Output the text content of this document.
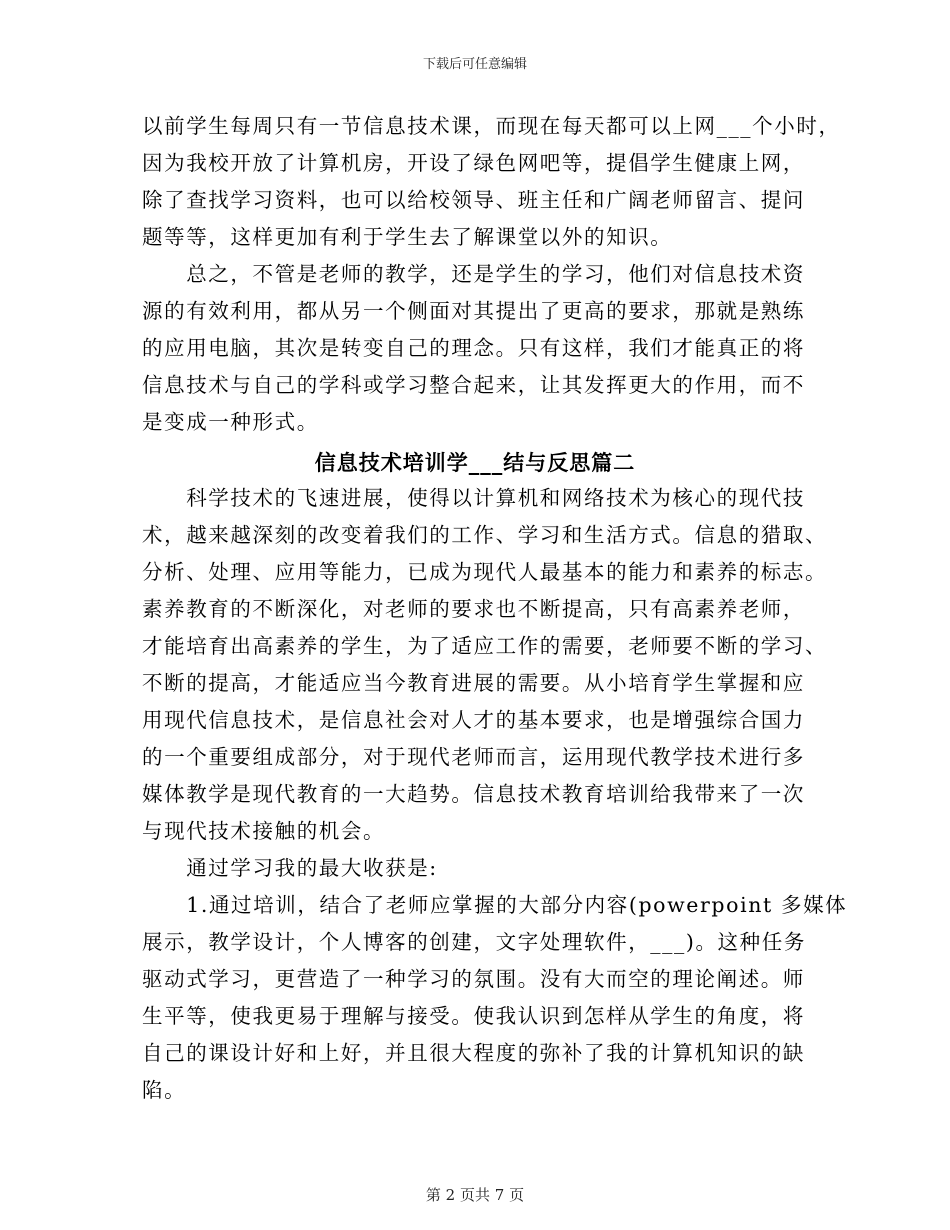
下载后可任意编辑
以前学生每周只有一节信息技术课，而现在每天都可以上网___个小时，
因为我校开放了计算机房，开设了绿色网吧等，提倡学生健康上网，
除了查找学习资料，也可以给校领导、班主任和广阔老师留言、提问
题等等，这样更加有利于学生去了解课堂以外的知识。
　　总之，不管是老师的教学，还是学生的学习，他们对信息技术资
源的有效利用，都从另一个侧面对其提出了更高的要求，那就是熟练
的应用电脑，其次是转变自己的理念。只有这样，我们才能真正的将
信息技术与自己的学科或学习整合起来，让其发挥更大的作用，而不
是变成一种形式。
信息技术培训学___结与反思篇二
　　科学技术的飞速进展，使得以计算机和网络技术为核心的现代技
术，越来越深刻的改变着我们的工作、学习和生活方式。信息的猎取、
分析、处理、应用等能力，已成为现代人最基本的能力和素养的标志。
素养教育的不断深化，对老师的要求也不断提高，只有高素养老师，
才能培育出高素养的学生，为了适应工作的需要，老师要不断的学习、
不断的提高，才能适应当今教育进展的需要。从小培育学生掌握和应
用现代信息技术，是信息社会对人才的基本要求，也是增强综合国力
的一个重要组成部分，对于现代老师而言，运用现代教学技术进行多
媒体教学是现代教育的一大趋势。信息技术教育培训给我带来了一次
与现代技术接触的机会。
　　通过学习我的最大收获是:
　　1.通过培训，结合了老师应掌握的大部分内容(powerpoint 多媒体
展示，教学设计，个人博客的创建，文字处理软件，___)。这种任务
驱动式学习，更营造了一种学习的氛围。没有大而空的理论阐述。师
生平等，使我更易于理解与接受。使我认识到怎样从学生的角度，将
自己的课设计好和上好，并且很大程度的弥补了我的计算机知识的缺
陷。
第 2 页共 7 页
